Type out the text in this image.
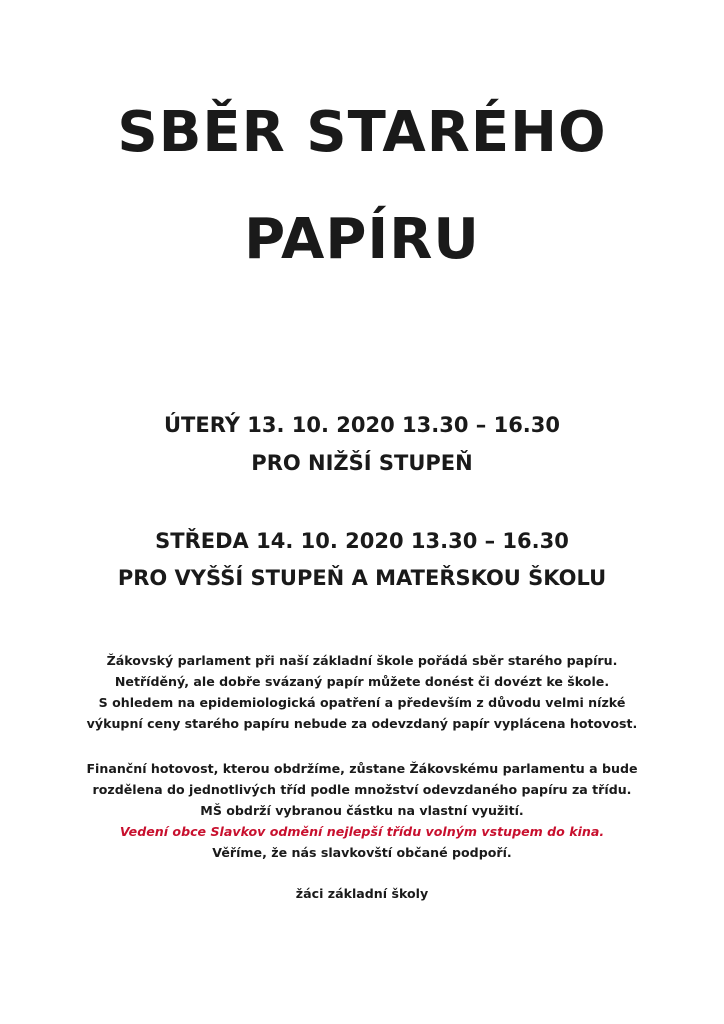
SBĚR STARÉHO
PAPÍRU
ÚTERÝ 13. 10. 2020 13.30 – 16.30
PRO NIŽŠÍ STUPEŇ
STŘEDA 14. 10. 2020 13.30 – 16.30
PRO VYŠŠÍ STUPEŇ A MATEŘSKOU ŠKOLU
Žákovský parlament při naší základní škole pořádá sběr starého papíru.
Netříděný, ale dobře svázaný papír můžete donést či dovézt ke škole.
S ohledem na epidemiologická opatření a především z důvodu velmi nízké
výkupní ceny starého papíru nebude za odevzdaný papír vyplácena hotovost.
Finanční hotovost, kterou obdržíme, zůstane Žákovskému parlamentu a bude
rozdělena do jednotlivých tříd podle množství odevzdaného papíru za třídu.
MŠ obdrží vybranou částku na vlastní využití.
Vedení obce Slavkov odmění nejlepší třídu volným vstupem do kina.
Věříme, že nás slavkovští občané podpoří.
žáci základní školy
